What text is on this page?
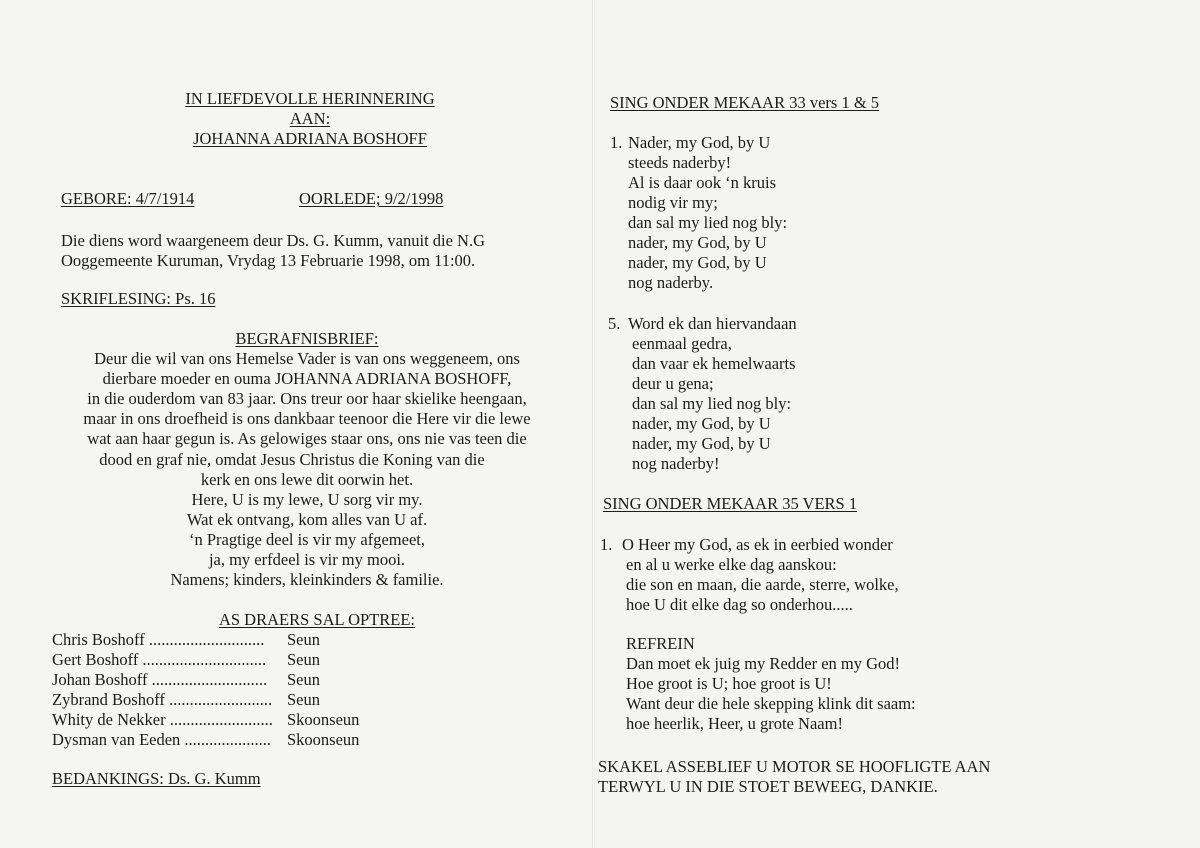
IN LIEFDEVOLLE HERINNERING
AAN:
JOHANNA ADRIANA BOSHOFF
GEBORE: 4/7/1914	OORLEDE; 9/2/1998
Die diens word waargeneem deur Ds. G. Kumm, vanuit die N.G
Ooggemeente Kuruman, Vrydag 13 Februarie 1998, om 11:00.
SKRIFLESING: Ps. 16
BEGRAFNISBRIEF:
Deur die wil van ons Hemelse Vader is van ons weggeneem, ons
dierbare moeder en ouma JOHANNA ADRIANA BOSHOFF,
in die ouderdom van 83 jaar. Ons treur oor haar skielike heengaan,
maar in ons droefheid is ons dankbaar teenoor die Here vir die lewe
wat aan haar gegun is. As gelowiges staar ons, ons nie vas teen die
dood en graf nie, omdat Jesus Christus die Koning van die
kerk en ons lewe dit oorwin het.
Here, U is my lewe, U sorg vir my.
Wat ek ontvang, kom alles van U af.
‘n Pragtige deel is vir my afgemeet,
ja, my erfdeel is vir my mooi.
Namens; kinders, kleinkinders & familie.
AS DRAERS SAL OPTREE:
Chris Boshoff ............................ Seun
Gert Boshoff .............................. Seun
Johan Boshoff ............................ Seun
Zybrand Boshoff ......................... Seun
Whity de Nekker ......................... Skoonseun
Dysman van Eeden ..................... Skoonseun
BEDANKINGS: Ds. G. Kumm
SING ONDER MEKAAR 33 vers 1 & 5
1. Nader, my God, by U
steeds naderby!
Al is daar ook ‘n kruis
nodig vir my;
dan sal my lied nog bly:
nader, my God, by U
nader, my God, by U
nog naderby.
5. Word ek dan hiervandaan
eenmaal gedra,
dan vaar ek hemelwaarts
deur u gena;
dan sal my lied nog bly:
nader, my God, by U
nader, my God, by U
nog naderby!
SING ONDER MEKAAR 35 VERS 1
1. O Heer my God, as ek in eerbied wonder
en al u werke elke dag aanskou:
die son en maan, die aarde, sterre, wolke,
hoe U dit elke dag so onderhou.....
REFREIN
Dan moet ek juig my Redder en my God!
Hoe groot is U; hoe groot is U!
Want deur die hele skepping klink dit saam:
hoe heerlik, Heer, u grote Naam!
SKAKEL ASSEBLIEF U MOTOR SE HOOFLIGTE AAN
TERWYL U IN DIE STOET BEWEEG, DANKIE.
